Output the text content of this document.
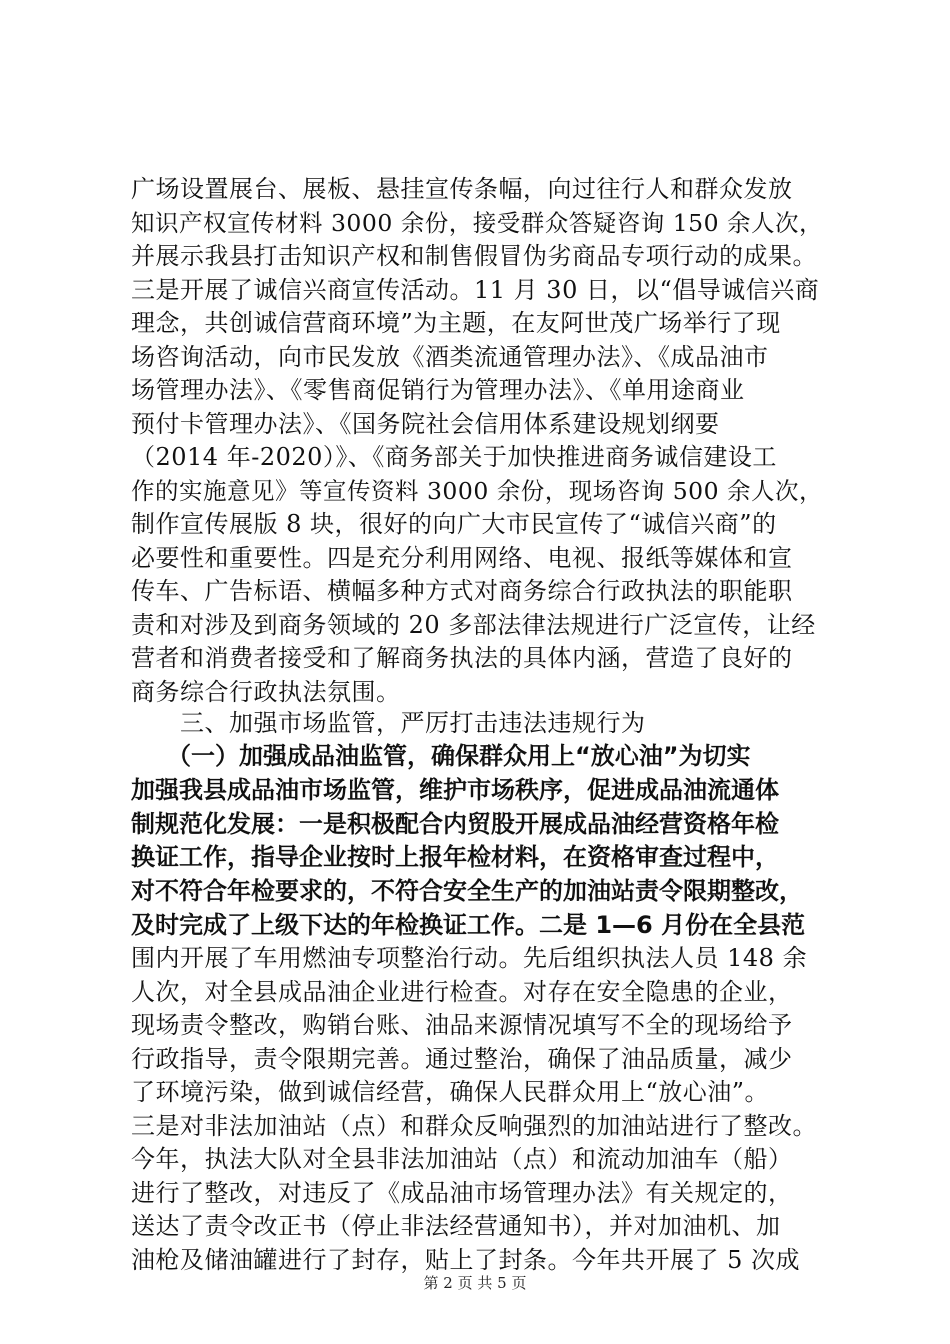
广场设置展台、展板、悬挂宣传条幅，向过往行人和群众发放
知识产权宣传材料 3000 余份，接受群众答疑咨询 150 余人次，
并展示我县打击知识产权和制售假冒伪劣商品专项行动的成果。
三是开展了诚信兴商宣传活动。11 月 30 日，以“倡导诚信兴商
理念，共创诚信营商环境”为主题，在友阿世茂广场举行了现
场咨询活动，向市民发放《酒类流通管理办法》、《成品油市
场管理办法》、《零售商促销行为管理办法》、《单用途商业
预付卡管理办法》、《国务院社会信用体系建设规划纲要
（2014 年-2020）》、《商务部关于加快推进商务诚信建设工
作的实施意见》等宣传资料 3000 余份，现场咨询 500 余人次，
制作宣传展版 8 块，很好的向广大市民宣传了“诚信兴商”的
必要性和重要性。四是充分利用网络、电视、报纸等媒体和宣
传车、广告标语、横幅多种方式对商务综合行政执法的职能职
责和对涉及到商务领域的 20 多部法律法规进行广泛宣传，让经
营者和消费者接受和了解商务执法的具体内涵，营造了良好的
商务综合行政执法氛围。
　　三、加强市场监管，严厉打击违法违规行为
　　（一）加强成品油监管，确保群众用上“放心油”为切实
加强我县成品油市场监管，维护市场秩序，促进成品油流通体
制规范化发展：一是积极配合内贸股开展成品油经营资格年检
换证工作，指导企业按时上报年检材料，在资格审查过程中，
对不符合年检要求的，不符合安全生产的加油站责令限期整改，
及时完成了上级下达的年检换证工作。二是 1—6 月份在全县范
围内开展了车用燃油专项整治行动。先后组织执法人员 148 余
人次，对全县成品油企业进行检查。对存在安全隐患的企业，
现场责令整改，购销台账、油品来源情况填写不全的现场给予
行政指导，责令限期完善。通过整治，确保了油品质量，减少
了环境污染，做到诚信经营，确保人民群众用上“放心油”。
三是对非法加油站（点）和群众反响强烈的加油站进行了整改。
今年，执法大队对全县非法加油站（点）和流动加油车（船）
进行了整改，对违反了《成品油市场管理办法》有关规定的，
送达了责令改正书（停止非法经营通知书），并对加油机、加
油枪及储油罐进行了封存，贴上了封条。今年共开展了 5 次成
第 2 页 共 5 页
